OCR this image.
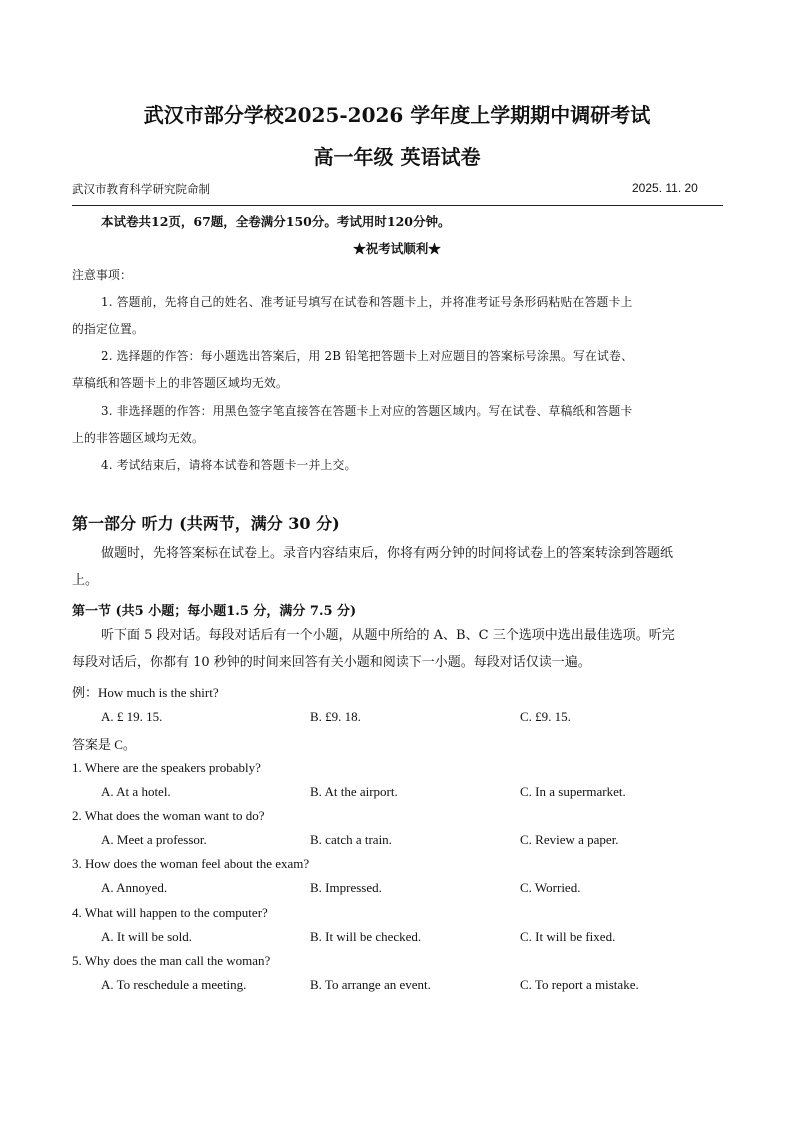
武汉市部分学校2025-2026 学年度上学期期中调研考试
高一年级 英语试卷
武汉市教育科学研究院命制	2025. 11. 20
本试卷共12页，67题，全卷满分150分。考试用时120分钟。
★祝考试顺利★
注意事项：
1. 答题前，先将自己的姓名、准考证号填写在试卷和答题卡上，并将准考证号条形码粘贴在答题卡上
的指定位置。
2. 选择题的作答：每小题选出答案后，用 2B 铅笔把答题卡上对应题目的答案标号涂黑。写在试卷、
草稿纸和答题卡上的非答题区域均无效。
3. 非选择题的作答：用黑色签字笔直接答在答题卡上对应的答题区域内。写在试卷、草稿纸和答题卡
上的非答题区域均无效。
4. 考试结束后，请将本试卷和答题卡一并上交。
第一部分 听力 (共两节，满分 30 分)
做题时，先将答案标在试卷上。录音内容结束后，你将有两分钟的时间将试卷上的答案转涂到答题纸
上。
第一节 (共5 小题；每小题1.5 分，满分 7.5 分)
听下面 5 段对话。每段对话后有一个小题，从题中所给的 A、B、C 三个选项中选出最佳选项。听完
每段对话后，你都有 10 秒钟的时间来回答有关小题和阅读下一小题。每段对话仅读一遍。
例：How much is the shirt?
A. £ 19. 15.	B. £9. 18.	C. £9. 15.
答案是 C。
1. Where are the speakers probably?
A. At a hotel.	B. At the airport.	C. In a supermarket.
2. What does the woman want to do?
A. Meet a professor.	B. catch a train.	C. Review a paper.
3. How does the woman feel about the exam?
A. Annoyed.	B. Impressed.	C. Worried.
4. What will happen to the computer?
A. It will be sold.	B. It will be checked.	C. It will be fixed.
5. Why does the man call the woman?
A. To reschedule a meeting.	B. To arrange an event.	C. To report a mistake.
